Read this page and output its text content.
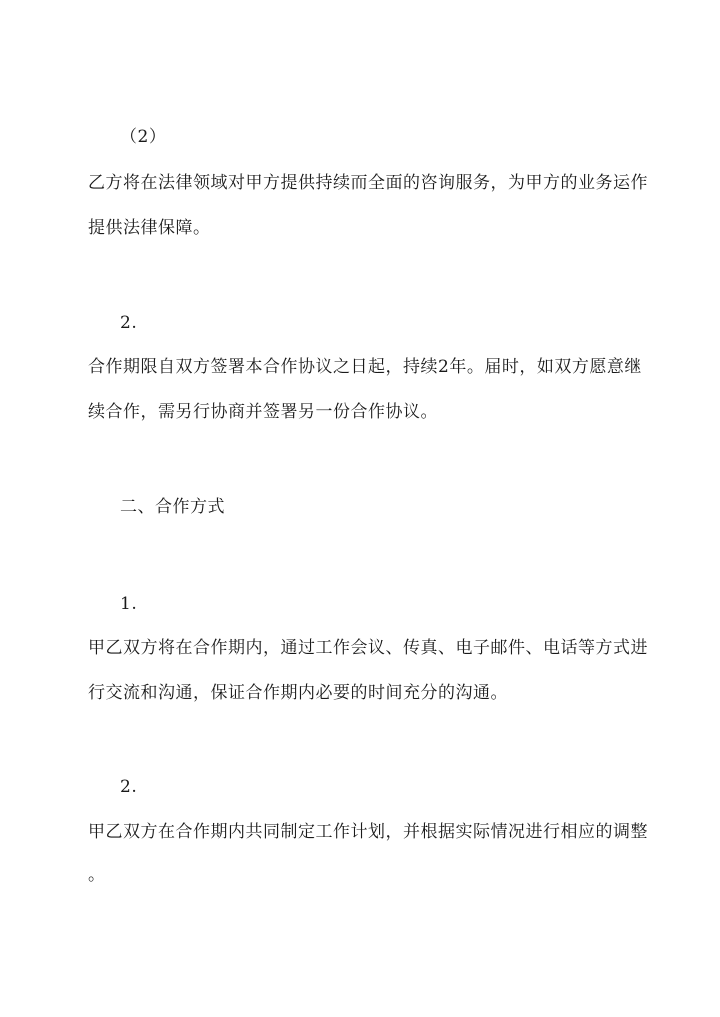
（2）
乙方将在法律领域对甲方提供持续而全面的咨询服务，为甲方的业务运作
提供法律保障。
2.
合作期限自双方签署本合作协议之日起，持续2年。届时，如双方愿意继
续合作，需另行协商并签署另一份合作协议。
二、合作方式
1.
甲乙双方将在合作期内，通过工作会议、传真、电子邮件、电话等方式进
行交流和沟通，保证合作期内必要的时间充分的沟通。
2.
甲乙双方在合作期内共同制定工作计划，并根据实际情况进行相应的调整
。
